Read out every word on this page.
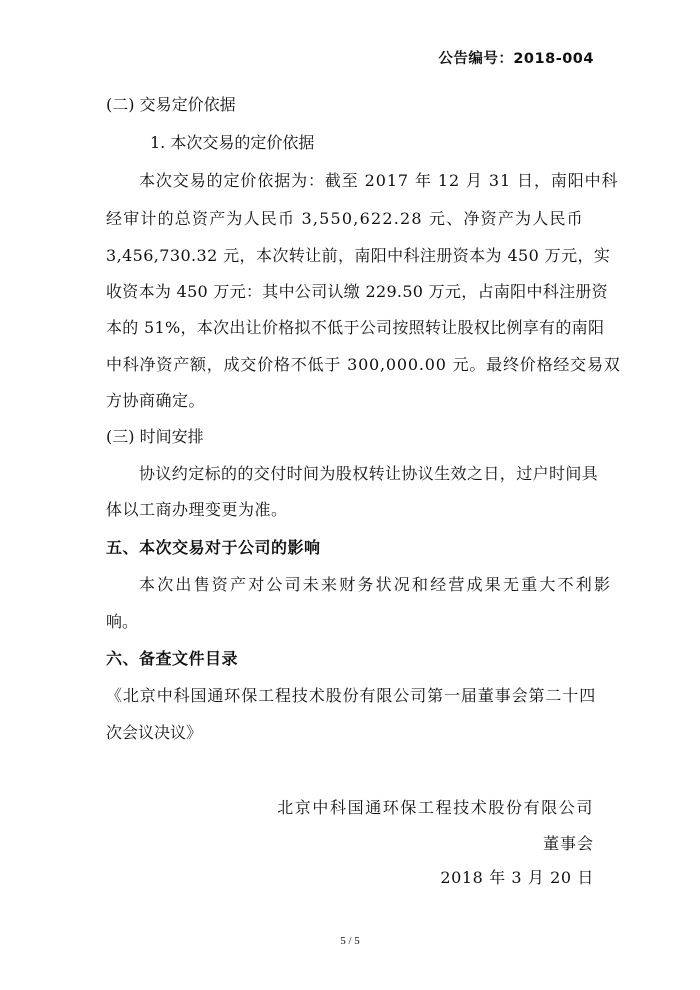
公告编号：2018-004
(二) 交易定价依据
1. 本次交易的定价依据
本次交易的定价依据为：截至 2017 年 12 月 31 日，南阳中科
经审计的总资产为人民币 3,550,622.28 元、净资产为人民币
3,456,730.32 元，本次转让前，南阳中科注册资本为 450 万元，实
收资本为 450 万元：其中公司认缴 229.50 万元，占南阳中科注册资
本的 51%，本次出让价格拟不低于公司按照转让股权比例享有的南阳
中科净资产额，成交价格不低于 300,000.00 元。最终价格经交易双
方协商确定。
(三) 时间安排
协议约定标的的交付时间为股权转让协议生效之日，过户时间具
体以工商办理变更为准。
五、本次交易对于公司的影响
本次出售资产对公司未来财务状况和经营成果无重大不利影
响。
六、备查文件目录
《北京中科国通环保工程技术股份有限公司第一届董事会第二十四
次会议决议》
北京中科国通环保工程技术股份有限公司
董事会
2018 年 3 月 20 日
5 / 5
